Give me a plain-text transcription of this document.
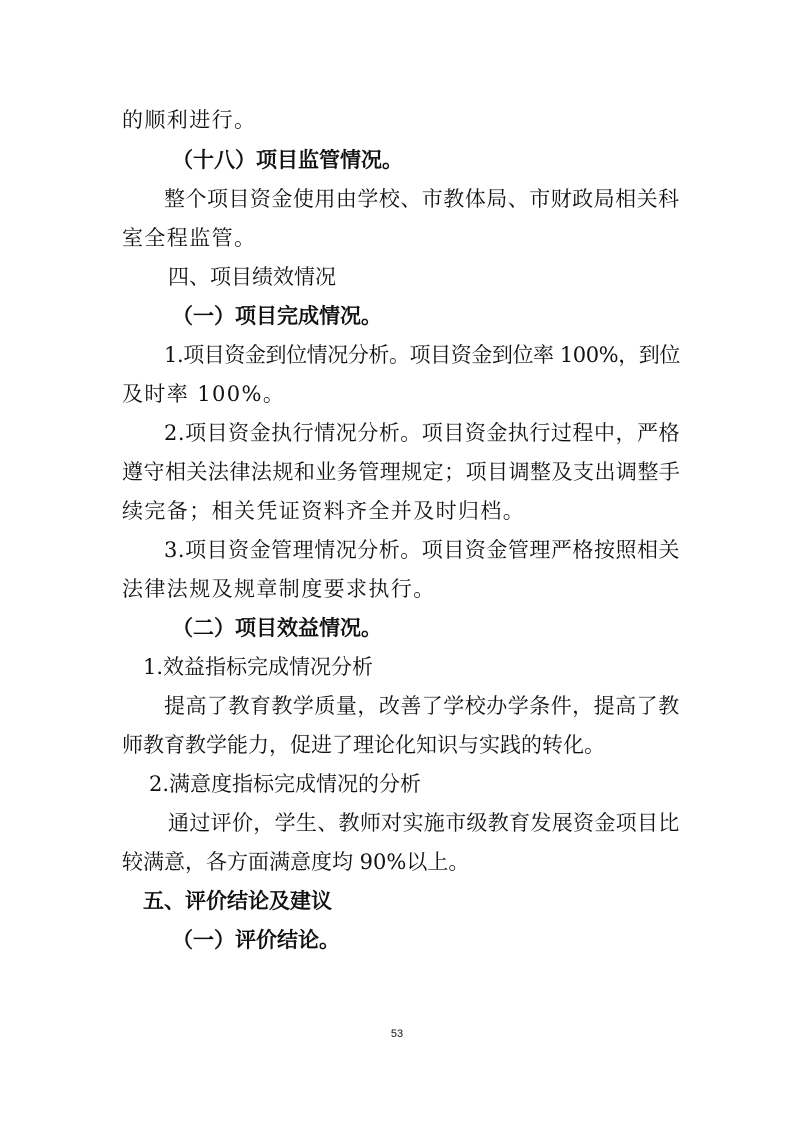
的顺利进行。
（十八）项目监管情况。
整个项目资金使用由学校、市教体局、市财政局相关科
室全程监管。
四、项目绩效情况
（一）项目完成情况。
1.项目资金到位情况分析。项目资金到位率 100%，到位
及时率 100%。
2.项目资金执行情况分析。项目资金执行过程中，严格
遵守相关法律法规和业务管理规定；项目调整及支出调整手
续完备；相关凭证资料齐全并及时归档。
3.项目资金管理情况分析。项目资金管理严格按照相关
法律法规及规章制度要求执行。
（二）项目效益情况。
1.效益指标完成情况分析
提高了教育教学质量，改善了学校办学条件，提高了教
师教育教学能力，促进了理论化知识与实践的转化。
2.满意度指标完成情况的分析
通过评价，学生、教师对实施市级教育发展资金项目比
较满意，各方面满意度均 90%以上。
五、评价结论及建议
（一）评价结论。
53
